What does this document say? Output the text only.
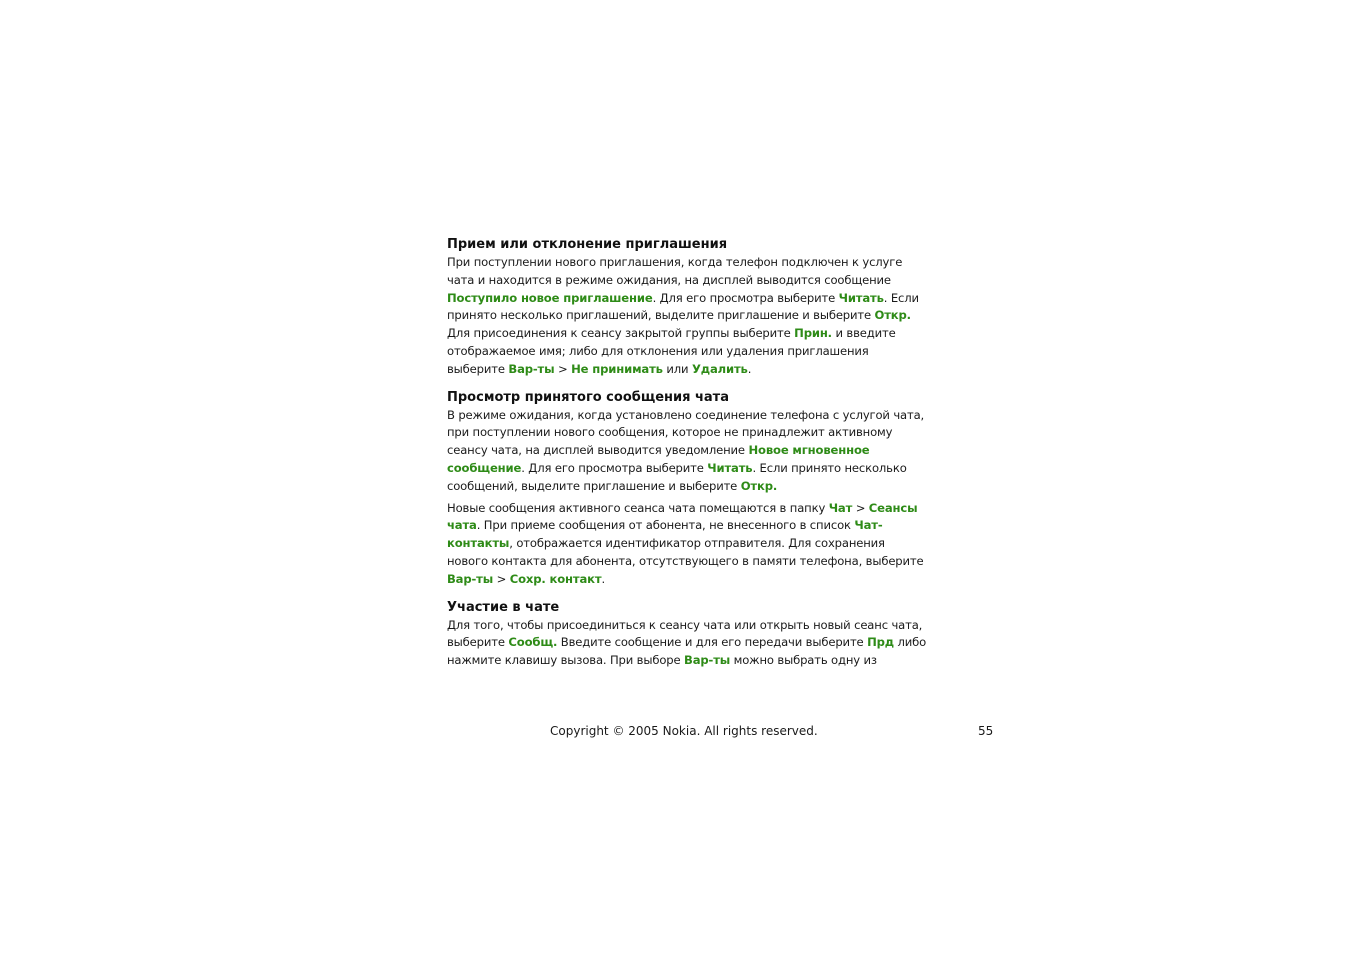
Прием или отклонение приглашения

При поступлении нового приглашения, когда телефон подключен к услуге
чата и находится в режиме ожидания, на дисплей выводится сообщение
Поступило новое приглашение. Для его просмотра выберите Читать. Если
принято несколько приглашений, выделите приглашение и выберите Откр.
Для присоединения к сеансу закрытой группы выберите Прин. и введите
отображаемое имя; либо для отклонения или удаления приглашения
выберите Вар-ты > Не принимать или Удалить.

Просмотр принятого сообщения чата

В режиме ожидания, когда установлено соединение телефона с услугой чата,
при поступлении нового сообщения, которое не принадлежит активному
сеансу чата, на дисплей выводится уведомление Новое мгновенное
сообщение. Для его просмотра выберите Читать. Если принято несколько
сообщений, выделите приглашение и выберите Откр.

Новые сообщения активного сеанса чата помещаются в папку Чат > Сеансы
чата. При приеме сообщения от абонента, не внесенного в список Чат-
контакты, отображается идентификатор отправителя. Для сохранения
нового контакта для абонента, отсутствующего в памяти телефона, выберите
Вар-ты > Сохр. контакт.

Участие в чате

Для того, чтобы присоединиться к сеансу чата или открыть новый сеанс чата,
выберите Сообщ. Введите сообщение и для его передачи выберите Прд либо
нажмите клавишу вызова. При выборе Вар-ты можно выбрать одну из

Copyright © 2005 Nokia. All rights reserved.	55
